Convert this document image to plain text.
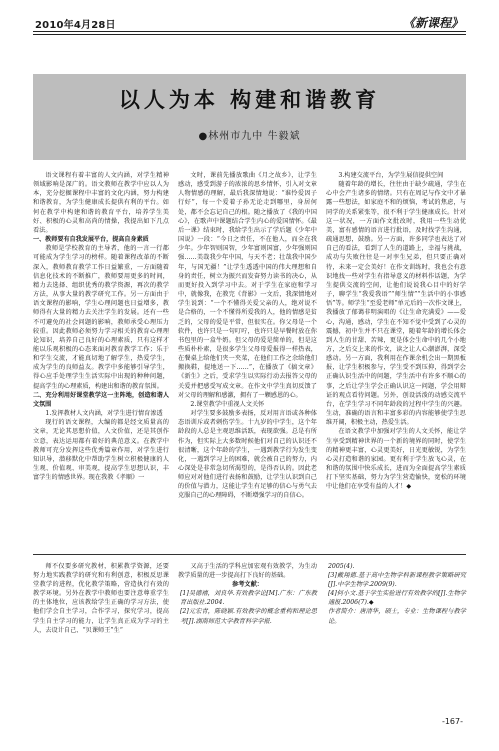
2010年4月28日	《新课程》
以人为本 构建和谐教育
●林州市九中 牛毅斌

语文课程有着丰富的人文内涵，对学生精神领域影响是深广的。语文教师在教学中应以人为本，充分挖掘课程中丰富的文化内涵，努力构建和谐教育，为学生健康成长提供有利的平台。如何在教学中构建和谐的教育平台，培养学生美好、积极的心灵和高尚的情操，我提出如下几点看法。

一、教师要有自我发展平台，提高自身素质

教师是学校教育的主导者，他的一言一行都可能成为学生学习的榜样。随着课程改革的不断深入，教师教育教学工作日益繁重，一方面随着信息化技术的不断推广，教师要用更多的时间，精力去选择、组织优秀的教学资源，再次的教学方法，从事大量的教学研究工作。另一方面由于语文课程的影响，学生心理问题也日益增多，教师得有大量的精力去关注学生的发展。还有一些不可避免的社会问题的影响，教师承受心理压力较重。因此教师必须努力学习相关的教育心理理论知识，培养自己良好的心理素质，只有这样才能以乐观积极的心态来面对教育教学工作；乐于和学生交流，才能真切地了解学生，热爱学生，成为学生的良师益友。教学中多能够引导学生，得心应手处理学生生活实际中出现的种种问题，提高学生的心理素质，构建出和谐的教育氛围。

二、充分利用好课堂教学这一主阵地，创造和谐人文氛围

1.发挥教材人文内涵，对学生进行情育渗透

现行的语文课程，大编的都是经文质量高的文章，无论其思想价值，人文价值，还是其创作立意，表达运用都有着好的典范意义。在教学中教师可充分发挥这些优秀篇章作用，对学生进行知识导，潜移默化中帮助学生树立积极健康的人生观、价值观、审美观，提高学生思想认识，丰富学生的情感世界。现在我教《孝顺》一

文时，课前先播放歌曲《月之故乡》，让学生感动，感受到游子的浓浓的思乡情怀，引入对文章人物情感的理解，最后我深情地说：“谁怜爱因子行好”，每一个爱着子孙无论走到哪里，身居何处，都不会忘记自己的根。随之播放了《我的中国心》，在歌声中课题结合学生内心的爱国情怀。《最后一课》结束时，我给学生出示了学后题《少年中国说》一段：“今日之责任，不在他人，而全在我少年。少年智则国智，少年富则国富，少年强则国强……美哉我少年中国，与天不老；壮哉我中国少年，与国无疆！”让学生透透中国的伟大理想和自身的责任，树立为振兴而发奋努力读书的决心，从而更好投入到学习中去。对于学生在家庭和学习中，就像我，在教完《背影》一文后，我深情地对学生说到：“一个不懂得关爱父亲的人，绝对说不是合格的，一个不懂得所爱我的人，他的情感是贫乏的，父母的爱是平常，但很实在。你父母是一个软件，也许只是一句叮咛，也许只是早餐时放在你书包里的一盒牛奶。但父母的爱是简单的，但是这些质朴朴素，是很多学生父母母爱报得一样热表，在餐桌上给他们夹一夹菜，在他们工作之余给他们搬换鞋，提地送一下……”，在播放了《搞文章》《新生》之后，受求学生以实际行动去报答父母的关爱并把感受写成文章。在作文中学生真切反馈了对父母的理解和感激，拥有了一颗感恩的心。

2.课堂教学中重视人文关怀

对学生要多鼓励多表扬，反对用言语或各种体态语训斥或者刺伤学生。十九岁的中学生，这个年龄段的人总是主观思维活跃，表现欲强。总是有所作为，但实际上大多数时候他们对自己的认识还不很清晰，这个年龄的学生，一遇到教学行为发生变化，一遇到学习上的困难，就会被自己的努力，内心深处是非常急切所渴望的，是得否认的。因此老师应对对他们进行表扬和鼓励，让学生认识到自己的价值与潜力，这能让学生有足够的信心与勇气去克服自己的心理障碍，不断增强学习的自信心。

3.构建交流平台，为学生展信提供空间

随着年龄的增长，往往由于缺少疏通，学生在心中会产生诸多的情绪。只有在周记与作文中才暴露一些想法，如家庭不和的烦恼，考试的焦虑，与同学的关系紧张等，很不利于学生健康成长。针对这一状况，一方面作文批改时，我用一些生动优美，富有感情的语言进行批语，及时找学生沟通，疏通思想，鼓励。另一方面，许多同学也表达了对自己的看法，看到了人生的道路上，幸福与挑战，成功与失败往往是一对孪生兄弟，但只要正确对待，未来一定会美好！在作文训练时，我也会有意识地找一些对学生有指导意义的材料作话题，为学生提供交流的空间，让他们说说我心目中的好学子，聊学生“我爱我语”“师生情”“生活中的小事感悟”等。师学生“至爱老师”单元后的一次作文课上，我播放了郁蔼非明演唱的《让生命充满爱》——爱心，沟通，感动，学生在不知不觉中受到了心灵的震撼，初中生并不只在课堂，随着年龄的增长体会到人生的甘甜、苦辣，更是体会生命中的几个小地方，之后交上来的作文，读之让人心潮澎湃，深受感动。另一方面，我利用在作课余机会出一期黑板报，让学生积极参与，学生受不到压抑，得到学会正确认识生活中的问题，学生活中有许多不顺心的事，之后让学生学会正确认识这一问题，学会用辩证的观点看待问题。另外，创设活泼的动感交流平台，在学生学习不同年龄段的过程中学生的兴趣。生动，准确的语言和丰富多彩的内容能够使学生思维开阔，积极主动，热爱生活。

在语文教学中加强对学生的人文关怀，能让学生享受到精神世界的一个新的境界的同时，使学生的精神更丰富，心灵更美好，日光更敏锐，为学生心灵打造和谐的家园。更有利于学生放飞心灵，在和谐的氛围中快乐成长，进而为全面提高学生素质打下坚实基础，努力为学生营造愉快，宽松的环境中让他们在享受有益的人才！◆

师不仅要多研究教材，积累教学资源，还要努力地实践教学的研究和有利创意，积极反思课堂教学的进程，优化教学策略，营造执行有效的教学环境。另外在教学中教师也要注意尊重学生的主体地位，应该教给学生正确的学习方法，使他们学会自主学习，合作学习，探究学习，提高学生自主学习的能力，让学生真正成为学习的主人，去设计自己、“贝课师王”生“

又高于生活的学科应加宏观有效教学，为生动教学质量的进一步提高打下良好的基础。

参考文献：

[1]吴德禧，刘良华.有效教学论[M].广东：广东教育出版社.2004.

[2]元宏青，陈晓颖.有效教学的概念重构和理论思考[J].湖南师范大学教育科学学报.

2005(4).

[3]戴翔德.基于高中生物学科新课程教学策略研究[J].中学生物学.2009(9).

[4]何小文.基于学生实验进行有效教学的[J].生物学通报.2006(7).◆

作者简介：唐清华，硕士，专业：生物课程与教学论。

-167-
